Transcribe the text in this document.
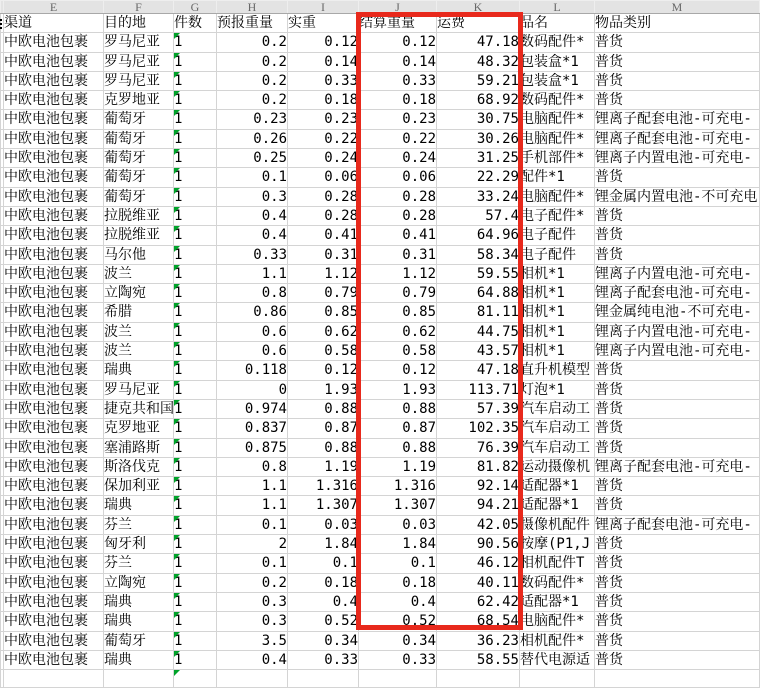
	E	F	G	H	I	J	K	L	M
	渠道	目的地	件数	预报重量	实重	结算重量	运费	品名	物品类别
	中欧电池包裹	罗马尼亚	1	0.2	0.12	0.12	47.18	数码配件*	普货
	中欧电池包裹	罗马尼亚	1	0.2	0.14	0.14	48.32	包装盒*1	普货
	中欧电池包裹	罗马尼亚	1	0.2	0.33	0.33	59.21	包装盒*1	普货
	中欧电池包裹	克罗地亚	1	0.2	0.18	0.18	68.92	数码配件*	普货
	中欧电池包裹	葡萄牙	1	0.23	0.23	0.23	30.75	电脑配件*	锂离子配套电池-可充电-
	中欧电池包裹	葡萄牙	1	0.26	0.22	0.22	30.26	电脑配件*	锂离子配套电池-可充电-
	中欧电池包裹	葡萄牙	1	0.25	0.24	0.24	31.25	手机部件*	锂离子内置电池-可充电-
	中欧电池包裹	葡萄牙	1	0.1	0.06	0.06	22.29	配件*1	普货
	中欧电池包裹	葡萄牙	1	0.3	0.28	0.28	33.24	电脑配件*	锂金属内置电池-不可充电
	中欧电池包裹	拉脱维亚	1	0.4	0.28	0.28	57.4	电子配件*	普货
	中欧电池包裹	拉脱维亚	1	0.4	0.41	0.41	64.96	电子配件	普货
	中欧电池包裹	马尔他	1	0.33	0.31	0.31	58.34	电子配件	普货
	中欧电池包裹	波兰	1	1.1	1.12	1.12	59.55	相机*1	锂离子内置电池-可充电-
	中欧电池包裹	立陶宛	1	0.8	0.79	0.79	64.88	相机*1	锂离子配套电池-可充电-
	中欧电池包裹	希腊	1	0.86	0.85	0.85	81.11	相机*1	锂金属纯电池-不可充电-
	中欧电池包裹	波兰	1	0.6	0.62	0.62	44.75	相机*1	锂离子内置电池-可充电-
	中欧电池包裹	波兰	1	0.6	0.58	0.58	43.57	相机*1	锂离子内置电池-可充电-
	中欧电池包裹	瑞典	1	0.118	0.12	0.12	47.18	直升机模型	普货
	中欧电池包裹	罗马尼亚	1	0	1.93	1.93	113.71	灯泡*1	普货
	中欧电池包裹	捷克共和国	1	0.974	0.88	0.88	57.39	汽车启动工	普货
	中欧电池包裹	克罗地亚	1	0.837	0.87	0.87	102.35	汽车启动工	普货
	中欧电池包裹	塞浦路斯	1	0.875	0.88	0.88	76.39	汽车启动工	普货
	中欧电池包裹	斯洛伐克	1	0.8	1.19	1.19	81.82	运动摄像机	锂离子配套电池-可充电-
	中欧电池包裹	保加利亚	1	1.1	1.316	1.316	92.14	适配器*1	普货
	中欧电池包裹	瑞典	1	1.1	1.307	1.307	94.21	适配器*1	普货
	中欧电池包裹	芬兰	1	0.1	0.03	0.03	42.05	摄像机配件	锂离子配套电池-可充电-
	中欧电池包裹	匈牙利	1	2	1.84	1.84	90.56	按摩(P1,J	普货
	中欧电池包裹	芬兰	1	0.1	0.1	0.1	46.12	相机配件T	普货
	中欧电池包裹	立陶宛	1	0.2	0.18	0.18	40.11	数码配件*	普货
	中欧电池包裹	瑞典	1	0.3	0.4	0.4	62.42	适配器*1	普货
	中欧电池包裹	瑞典	1	0.3	0.52	0.52	68.54	电脑配件*	普货
	中欧电池包裹	葡萄牙	1	3.5	0.34	0.34	36.23	相机配件*	普货
	中欧电池包裹	瑞典	1	0.4	0.33	0.33	58.55	替代电源适	普货
